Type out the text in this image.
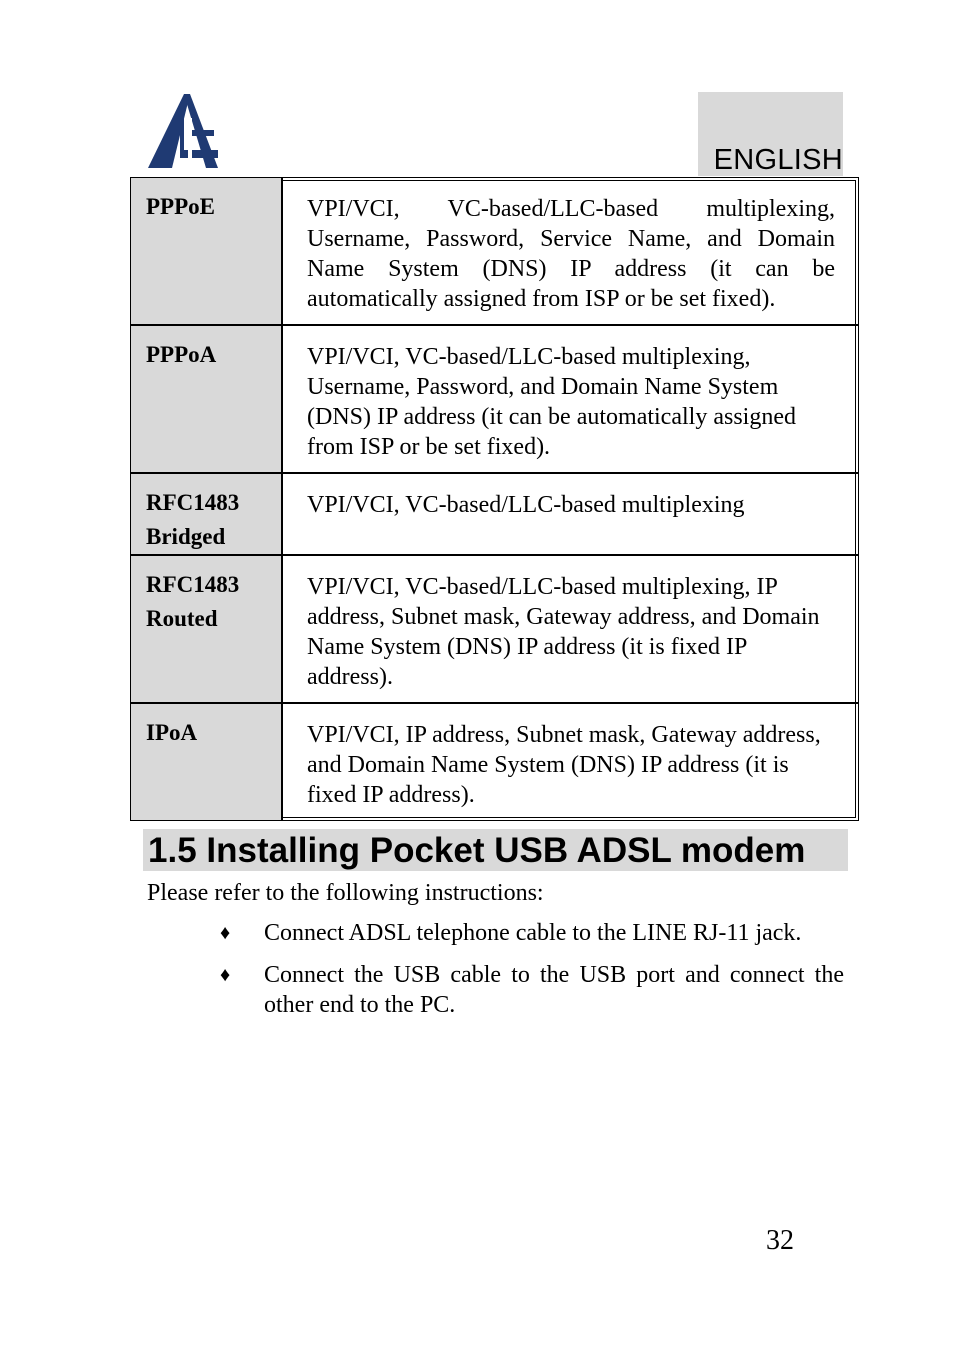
ENGLISH
PPPoE	VPI/VCI, VC-based/LLC-based multiplexing, Username, Password, Service Name, and Domain Name System (DNS) IP address (it can be automatically assigned from ISP or be set fixed).
PPPoA	VPI/VCI, VC-based/LLC-based multiplexing, Username, Password, and Domain Name System (DNS) IP address (it can be automatically assigned from ISP or be set fixed).
RFC1483
Bridged	VPI/VCI, VC-based/LLC-based multiplexing
RFC1483
Routed	VPI/VCI, VC-based/LLC-based multiplexing, IP address, Subnet mask, Gateway address, and Domain Name System (DNS) IP address (it is fixed IP address).
IPoA	VPI/VCI, IP address, Subnet mask, Gateway address, and Domain Name System (DNS) IP address (it is fixed IP address).
1.5 Installing Pocket USB ADSL modem
Please refer to the following instructions:
♦ Connect ADSL telephone cable to the LINE RJ-11 jack.
♦ Connect the USB cable to the USB port and connect the other end to the PC.
32
